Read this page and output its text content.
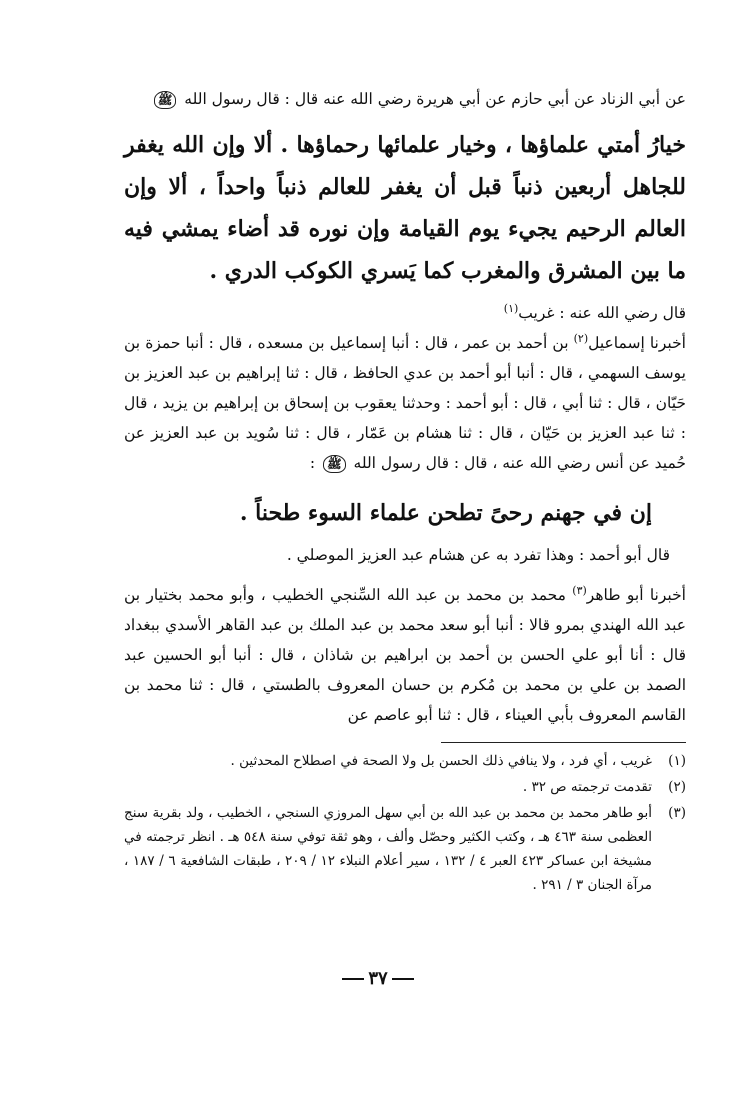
عن أبي الزناد عن أبي حازم عن أبي هريرة رضي الله عنه قال : قال رسول الله ﷺ

خيارُ أمتي علماؤها ، وخيار علمائها رحماؤها . ألا وإن الله يغفر للجاهل أربعين ذنباً قبل أن يغفر للعالم ذنباً واحداً ، ألا وإن العالم الرحيم يجيء يوم القيامة وإن نوره قد أضاء يمشي فيه ما بين المشرق والمغرب كما يَسري الكوكب الدري .

قال رضي الله عنه : غريب$^{(١)}$

أخبرنا إسماعيل$^{(٢)}$ بن أحمد بن عمر ، قال : أنبا إسماعيل بن مسعده ، قال : أنبا حمزة بن يوسف السهمي ، قال : أنبا أبو أحمد بن عدي الحافظ ، قال : ثنا إبراهيم بن عبد العزيز بن حَيّان ، قال : ثنا أبي ، قال : أبو أحمد : وحدثنا يعقوب بن إسحاق بن إبراهيم بن يزيد ، قال : ثنا عبد العزيز بن حَيّان ، قال : ثنا هشام بن عَمّار ، قال : ثنا سُويد بن عبد العزيز عن حُميد عن أنس رضي الله عنه ، قال : قال رسول الله ﷺ :

إن في جهنم رحىً تطحن علماء السوء طحناً .

قال أبو أحمد : وهذا تفرد به عن هشام عبد العزيز الموصلي .

أخبرنا أبو طاهر$^{(٣)}$ محمد بن محمد بن عبد الله السِّنجي الخطيب ، وأبو محمد بختيار بن عبد الله الهندي بمرو قالا : أنبا أبو سعد محمد بن عبد الملك بن عبد القاهر الأسدي ببغداد قال : أنا أبو علي الحسن بن أحمد بن ابراهيم بن شاذان ، قال : أنبا أبو الحسين عبد الصمد بن علي بن محمد بن مُكرم بن حسان المعروف بالطستي ، قال : ثنا محمد بن القاسم المعروف بأبي العيناء ، قال : ثنا أبو عاصم عن

(١)
غريب ، أي فرد ، ولا ينافي ذلك الحسن بل ولا الصحة في اصطلاح المحدثين .
(٢)
تقدمت ترجمته ص ٣٢ .
(٣)
أبو طاهر محمد بن محمد بن عبد الله بن أبي سهل المروزي السنجي ، الخطيب ، ولد بقرية سنج العظمى سنة ٤٦٣ هـ ، وكتب الكثير وحصّل وألف ، وهو ثقة توفي سنة ٥٤٨ هـ . انظر ترجمته في مشيخة ابن عساكر ٤٢٣ العبر ٤ / ١٣٢ ، سير أعلام النبلاء ١٢ / ٢٠٩ ، طبقات الشافعية ٦ / ١٨٧ ، مرآة الجنان ٣ / ٢٩١ .
٣٧
